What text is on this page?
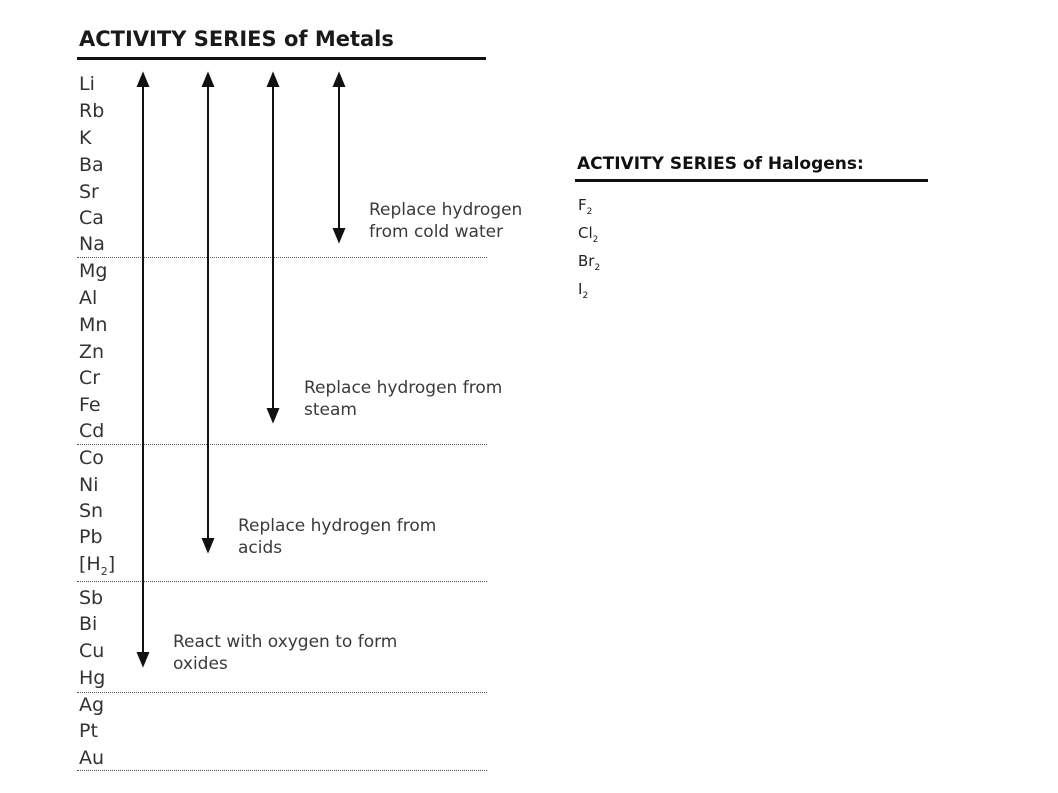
ACTIVITY SERIES of Metals
Li
Rb
K
Ba
Sr
Ca
Na
Mg
Al
Mn
Zn
Cr
Fe
Cd
Co
Ni
Sn
Pb
$[H_2]$
Sb
Bi
Cu
Hg
Ag
Pt
Au
Replace hydrogen
from cold water
Replace hydrogen from
steam
Replace hydrogen from
acids
React with oxygen to form
oxides
ACTIVITY SERIES of Halogens:
$F_2$
$Cl_2$
$Br_2$
$I_2$
